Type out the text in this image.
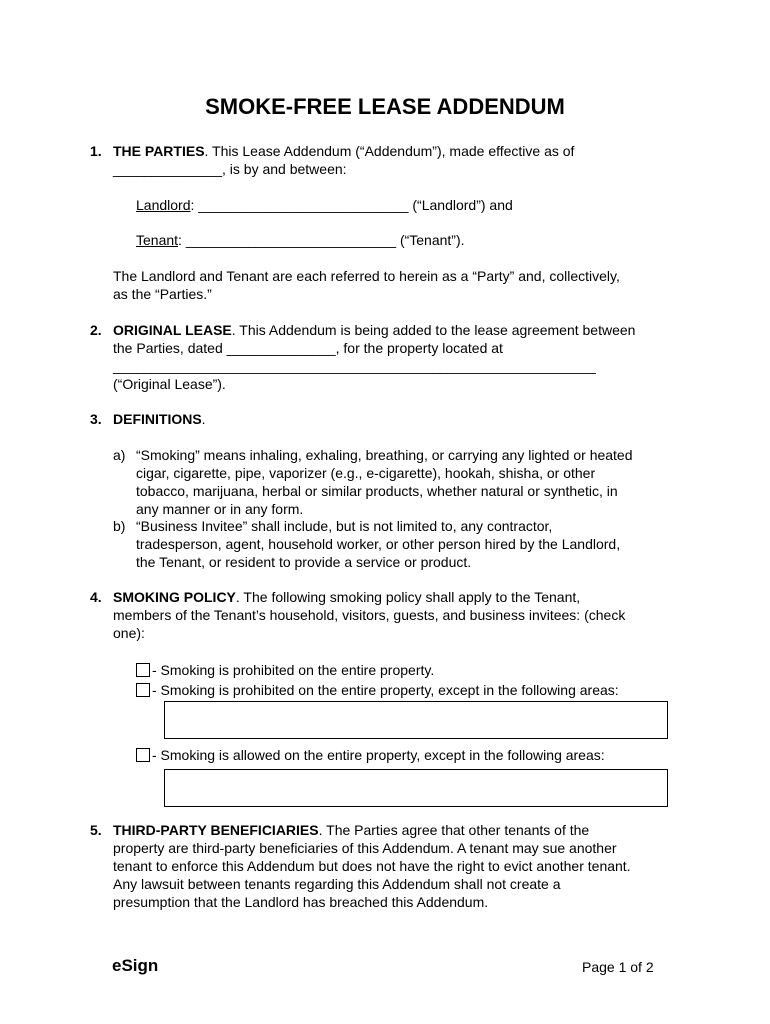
SMOKE-FREE LEASE ADDENDUM
1. THE PARTIES. This Lease Addendum (“Addendum”), made effective as of
______________, is by and between:
Landlord: ___________________________ (“Landlord”) and
Tenant: ___________________________ (“Tenant”).
The Landlord and Tenant are each referred to herein as a “Party” and, collectively,
as the “Parties.”
2. ORIGINAL LEASE. This Addendum is being added to the lease agreement between
the Parties, dated ______________, for the property located at
______________________________________________________________
(“Original Lease”).
3. DEFINITIONS.
a) “Smoking” means inhaling, exhaling, breathing, or carrying any lighted or heated
cigar, cigarette, pipe, vaporizer (e.g., e-cigarette), hookah, shisha, or other
tobacco, marijuana, herbal or similar products, whether natural or synthetic, in
any manner or in any form.
b) “Business Invitee” shall include, but is not limited to, any contractor,
tradesperson, agent, household worker, or other person hired by the Landlord,
the Tenant, or resident to provide a service or product.
4. SMOKING POLICY. The following smoking policy shall apply to the Tenant,
members of the Tenant’s household, visitors, guests, and business invitees: (check
one):
- Smoking is prohibited on the entire property.
- Smoking is prohibited on the entire property, except in the following areas:
- Smoking is allowed on the entire property, except in the following areas:
5. THIRD-PARTY BENEFICIARIES. The Parties agree that other tenants of the
property are third-party beneficiaries of this Addendum. A tenant may sue another
tenant to enforce this Addendum but does not have the right to evict another tenant.
Any lawsuit between tenants regarding this Addendum shall not create a
presumption that the Landlord has breached this Addendum.
eSign	Page 1 of 2
